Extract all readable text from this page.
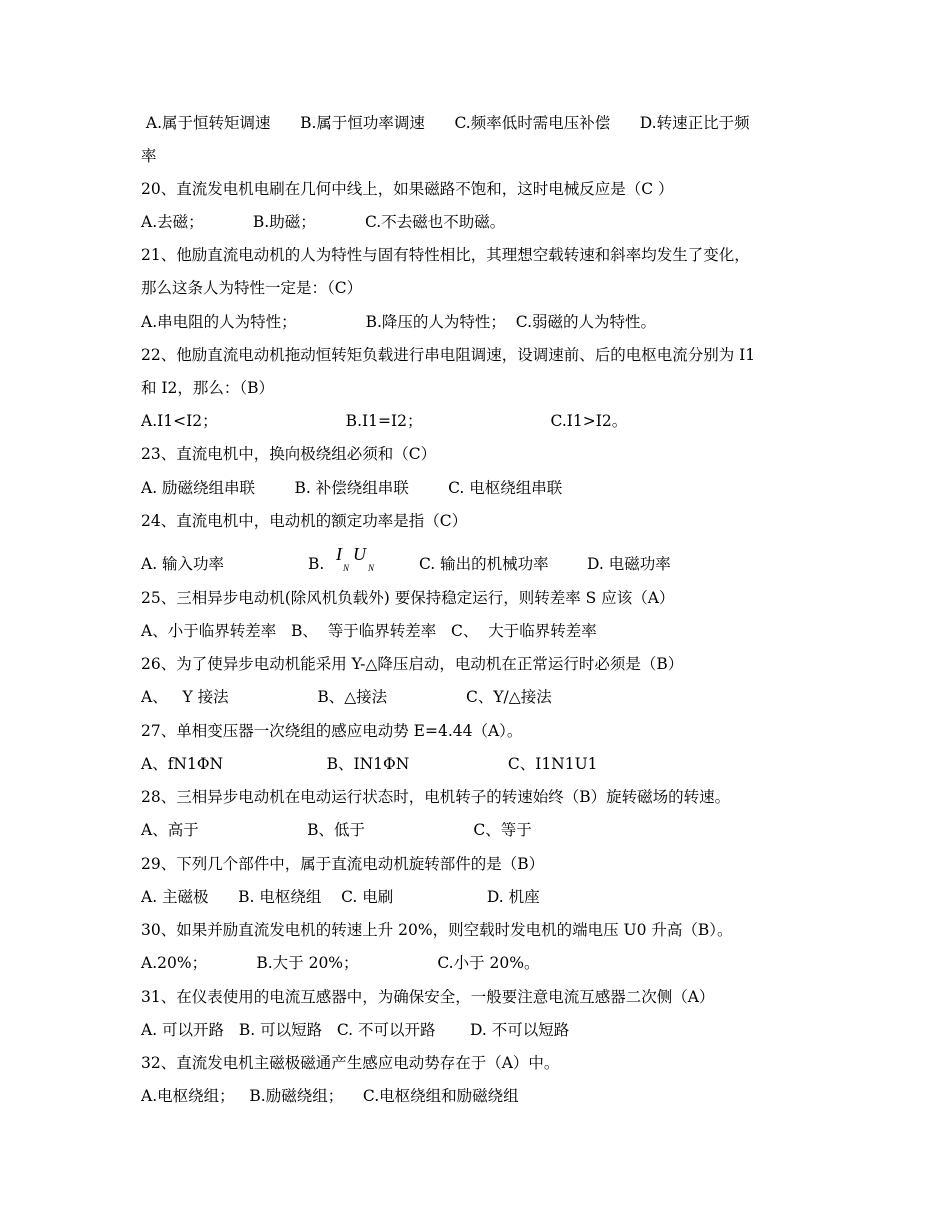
A.属于恒转矩调速      B.属于恒功率调速      C.频率低时需电压补偿      D.转速正比于频
率
20、直流发电机电刷在几何中线上，如果磁路不饱和，这时电械反应是（C ）
A.去磁；          B.助磁；          C.不去磁也不助磁。
21、他励直流电动机的人为特性与固有特性相比，其理想空载转速和斜率均发生了变化，
那么这条人为特性一定是：（C）
A.串电阻的人为特性；              B.降压的人为特性；  C.弱磁的人为特性。
22、他励直流电动机拖动恒转矩负载进行串电阻调速，设调速前、后的电枢电流分别为 I1
和 I2，那么：（B）
A.I1<I2；                          B.I1=I2；                          C.I1>I2。
23、直流电机中，换向极绕组必须和（C）
A. 励磁绕组串联        B. 补偿绕组串联        C. 电枢绕组串联
24、直流电机中，电动机的额定功率是指（C）
A. 输入功率	B. I
N
U
N	C. 输出的机械功率 D. 电磁功率
25、三相异步电动机(除风机负载外) 要保持稳定运行，则转差率 S 应该（A）
A、小于临界转差率   B、  等于临界转差率   C、  大于临界转差率
26、为了使异步电动机能采用 Y-△降压启动，电动机在正常运行时必须是（B）
A、   Y 接法                  B、△接法                C、Y/△接法
27、单相变压器一次绕组的感应电动势 E=4.44（A）。
A、fN1ΦN                     B、IN1ΦN                    C、I1N1U1
28、三相异步电动机在电动运行状态时，电机转子的转速始终（B）旋转磁场的转速。
A、高于                      B、低于                      C、等于
29、下列几个部件中，属于直流电动机旋转部件的是（B）
A. 主磁极      B. 电枢绕组    C. 电刷                   D. 机座
30、如果并励直流发电机的转速上升 20%，则空载时发电机的端电压 U0 升高（B）。
A.20%；          B.大于 20%；                C.小于 20%。
31、在仪表使用的电流互感器中，为确保安全，一般要注意电流互感器二次侧（A）
A. 可以开路   B. 可以短路   C. 不可以开路       D. 不可以短路
32、直流发电机主磁极磁通产生感应电动势存在于（A）中。
A.电枢绕组；   B.励磁绕组；    C.电枢绕组和励磁绕组
